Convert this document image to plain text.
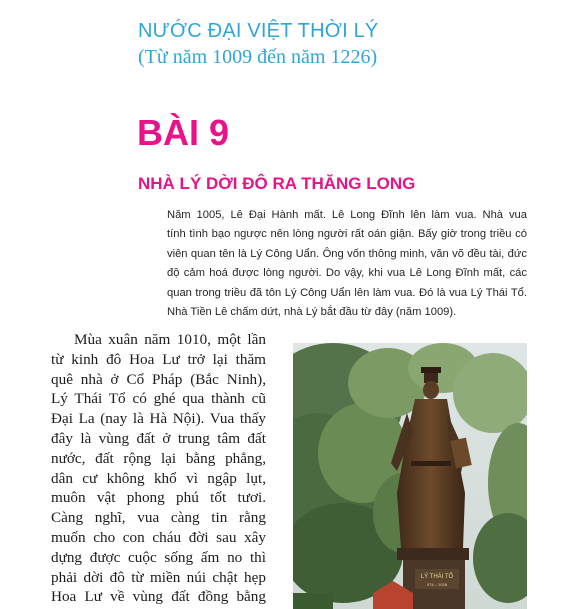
NƯỚC ĐẠI VIỆT THỜI LÝ
(Từ năm 1009 đến năm 1226)
BÀI 9
NHÀ LÝ DỜI ĐÔ RA THĂNG LONG
Năm 1005, Lê Đại Hành mất. Lê Long Đĩnh lên làm vua. Nhà vua
tính tình bạo ngược nên lòng người rất oán giận. Bấy giờ trong triều có
viên quan tên là Lý Công Uẩn. Ông vốn thông minh, văn võ đều tài, đức
độ cảm hoá được lòng người. Do vậy, khi vua Lê Long Đĩnh mất, các
quan trong triều đã tôn Lý Công Uẩn lên làm vua. Đó là vua Lý Thái Tổ.
Nhà Tiền Lê chấm dứt, nhà Lý bắt đầu từ đây (năm 1009).
Mùa xuân năm 1010, một lần
từ kinh đô Hoa Lư trở lại thăm
quê nhà ở Cổ Pháp (Bắc Ninh),
Lý Thái Tổ có ghé qua thành cũ
Đại La (nay là Hà Nội). Vua thấy
đây là vùng đất ở trung tâm đất
nước, đất rộng lại bằng phẳng,
dân cư không khổ vì ngập lụt,
muôn vật phong phú tốt tươi.
Càng nghĩ, vua càng tin rằng
muốn cho con cháu đời sau xây
dựng được cuộc sống ấm no thì
phải dời đô từ miền núi chật hẹp
Hoa Lư về vùng đất đồng bằng
LÝ THÁI TỔ
974 – 1028
